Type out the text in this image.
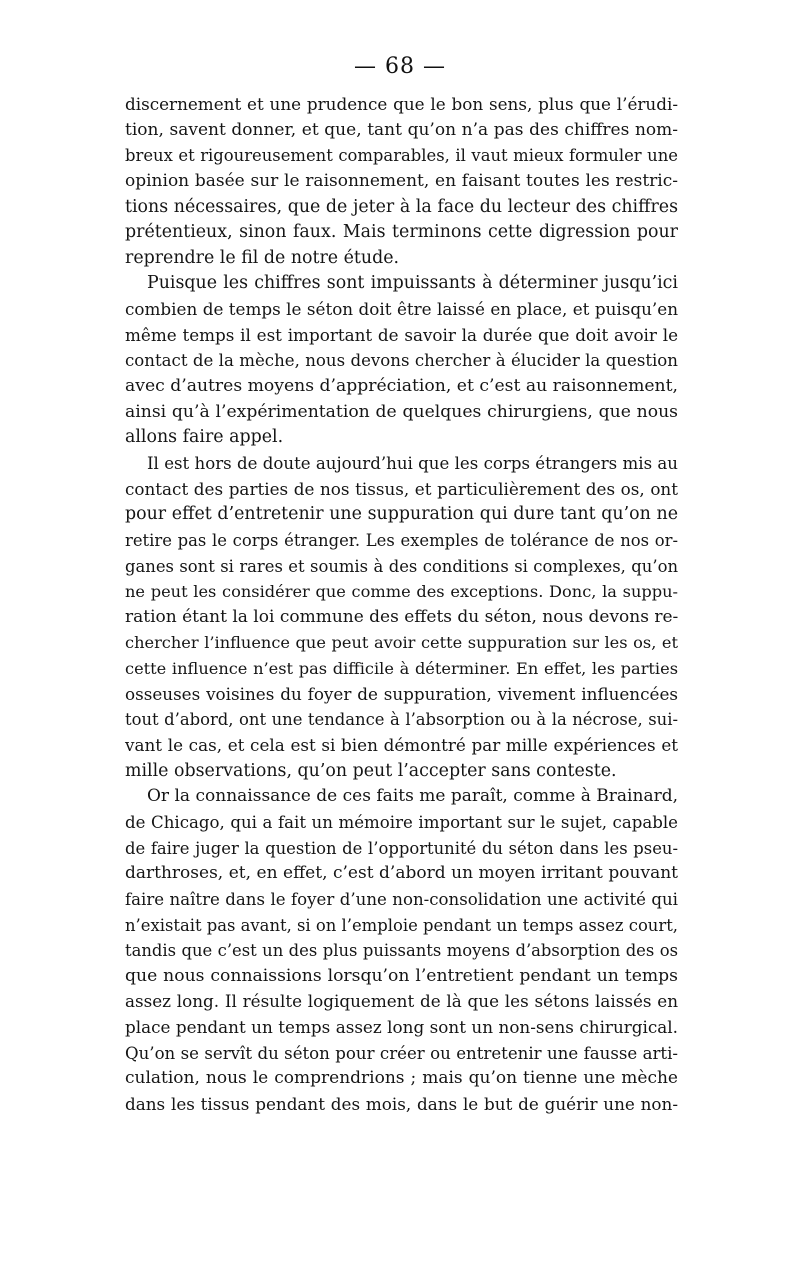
— 68 —
discernement et une prudence que le bon sens, plus que l’érudi-
tion, savent donner, et que, tant qu’on n’a pas des chiffres nom-
breux et rigoureusement comparables, il vaut mieux formuler une
opinion basée sur le raisonnement, en faisant toutes les restric-
tions nécessaires, que de jeter à la face du lecteur des chiffres
prétentieux, sinon faux. Mais terminons cette digression pour
reprendre le fil de notre étude.
Puisque les chiffres sont impuissants à déterminer jusqu’ici
combien de temps le séton doit être laissé en place, et puisqu’en
même temps il est important de savoir la durée que doit avoir le
contact de la mèche, nous devons chercher à élucider la question
avec d’autres moyens d’appréciation, et c’est au raisonnement,
ainsi qu’à l’expérimentation de quelques chirurgiens, que nous
allons faire appel.
Il est hors de doute aujourd’hui que les corps étrangers mis au
contact des parties de nos tissus, et particulièrement des os, ont
pour effet d’entretenir une suppuration qui dure tant qu’on ne
retire pas le corps étranger. Les exemples de tolérance de nos or-
ganes sont si rares et soumis à des conditions si complexes, qu’on
ne peut les considérer que comme des exceptions. Donc, la suppu-
ration étant la loi commune des effets du séton, nous devons re-
chercher l’influence que peut avoir cette suppuration sur les os, et
cette influence n’est pas difficile à déterminer. En effet, les parties
osseuses voisines du foyer de suppuration, vivement influencées
tout d’abord, ont une tendance à l’absorption ou à la nécrose, sui-
vant le cas, et cela est si bien démontré par mille expériences et
mille observations, qu’on peut l’accepter sans conteste.
Or la connaissance de ces faits me paraît, comme à Brainard,
de Chicago, qui a fait un mémoire important sur le sujet, capable
de faire juger la question de l’opportunité du séton dans les pseu-
darthroses, et, en effet, c’est d’abord un moyen irritant pouvant
faire naître dans le foyer d’une non-consolidation une activité qui
n’existait pas avant, si on l’emploie pendant un temps assez court,
tandis que c’est un des plus puissants moyens d’absorption des os
que nous connaissions lorsqu’on l’entretient pendant un temps
assez long. Il résulte logiquement de là que les sétons laissés en
place pendant un temps assez long sont un non-sens chirurgical.
Qu’on se servît du séton pour créer ou entretenir une fausse arti-
culation, nous le comprendrions ; mais qu’on tienne une mèche
dans les tissus pendant des mois, dans le but de guérir une non-
